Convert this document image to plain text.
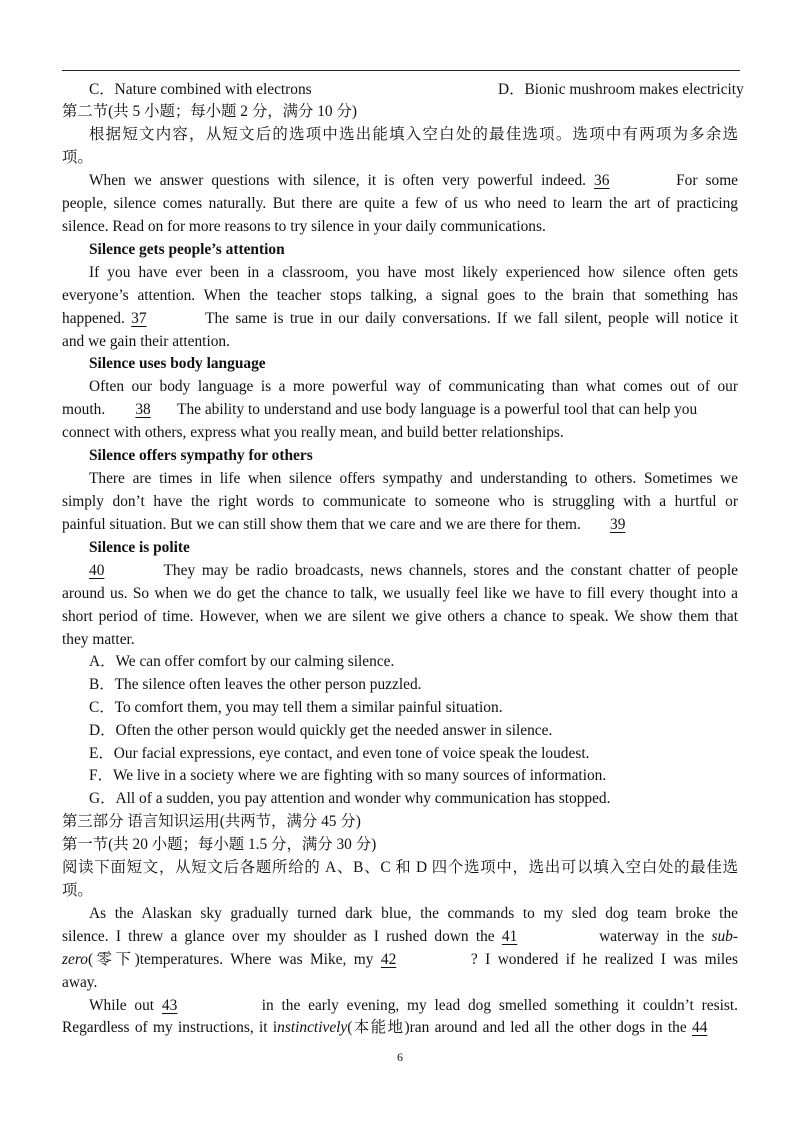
C．Nature combined with electrons	D．Bionic mushroom makes electricity
第二节(共 5 小题；每小题 2 分，满分 10 分)
根据短文内容，从短文后的选项中选出能填入空白处的最佳选项。选项中有两项为多余选
项。
When we answer questions with silence, it is often very powerful indeed. 36	For some
people, silence comes naturally. But there are quite a few of us who need to learn the art of practicing
silence. Read on for more reasons to try silence in your daily communications.
Silence gets people’s attention
If you have ever been in a classroom, you have most likely experienced how silence often gets
everyone’s attention. When the teacher stops talking, a signal goes to the brain that something has
happened. 37	The same is true in our daily conversations. If we fall silent, people will notice it
and we gain their attention.
Silence uses body language
Often our body language is a more powerful way of communicating than what comes out of our
mouth. 38 The ability to understand and use body language is a powerful tool that can help you
connect with others, express what you really mean, and build better relationships.
Silence offers sympathy for others
There are times in life when silence offers sympathy and understanding to others. Sometimes we
simply don’t have the right words to communicate to someone who is struggling with a hurtful or
painful situation. But we can still show them that we care and we are there for them. 39
Silence is polite
40	They may be radio broadcasts, news channels, stores and the constant chatter of people
around us. So when we do get the chance to talk, we usually feel like we have to fill every thought into a
short period of time. However, when we are silent we give others a chance to speak. We show them that
they matter.
A．We can offer comfort by our calming silence.
B．The silence often leaves the other person puzzled.
C．To comfort them, you may tell them a similar painful situation.
D．Often the other person would quickly get the needed answer in silence.
E．Our facial expressions, eye contact, and even tone of voice speak the loudest.
F．We live in a society where we are fighting with so many sources of information.
G．All of a sudden, you pay attention and wonder why communication has stopped.
第三部分 语言知识运用(共两节，满分 45 分)
第一节(共 20 小题；每小题 1.5 分，满分 30 分)
阅读下面短文，从短文后各题所给的 A、B、C 和 D 四个选项中，选出可以填入空白处的最佳选
项。
As the Alaskan sky gradually turned dark blue, the commands to my sled dog team broke the
silence. I threw a glance over my shoulder as I rushed down the 41	waterway in the sub-
zero(零下)temperatures. Where was Mike, my 42	? I wondered if he realized I was miles
away.
While out 43	in the early evening, my lead dog smelled something it couldn’t resist.
Regardless of my instructions, it instinctively(本能地)ran around and led all the other dogs in the 44
6
